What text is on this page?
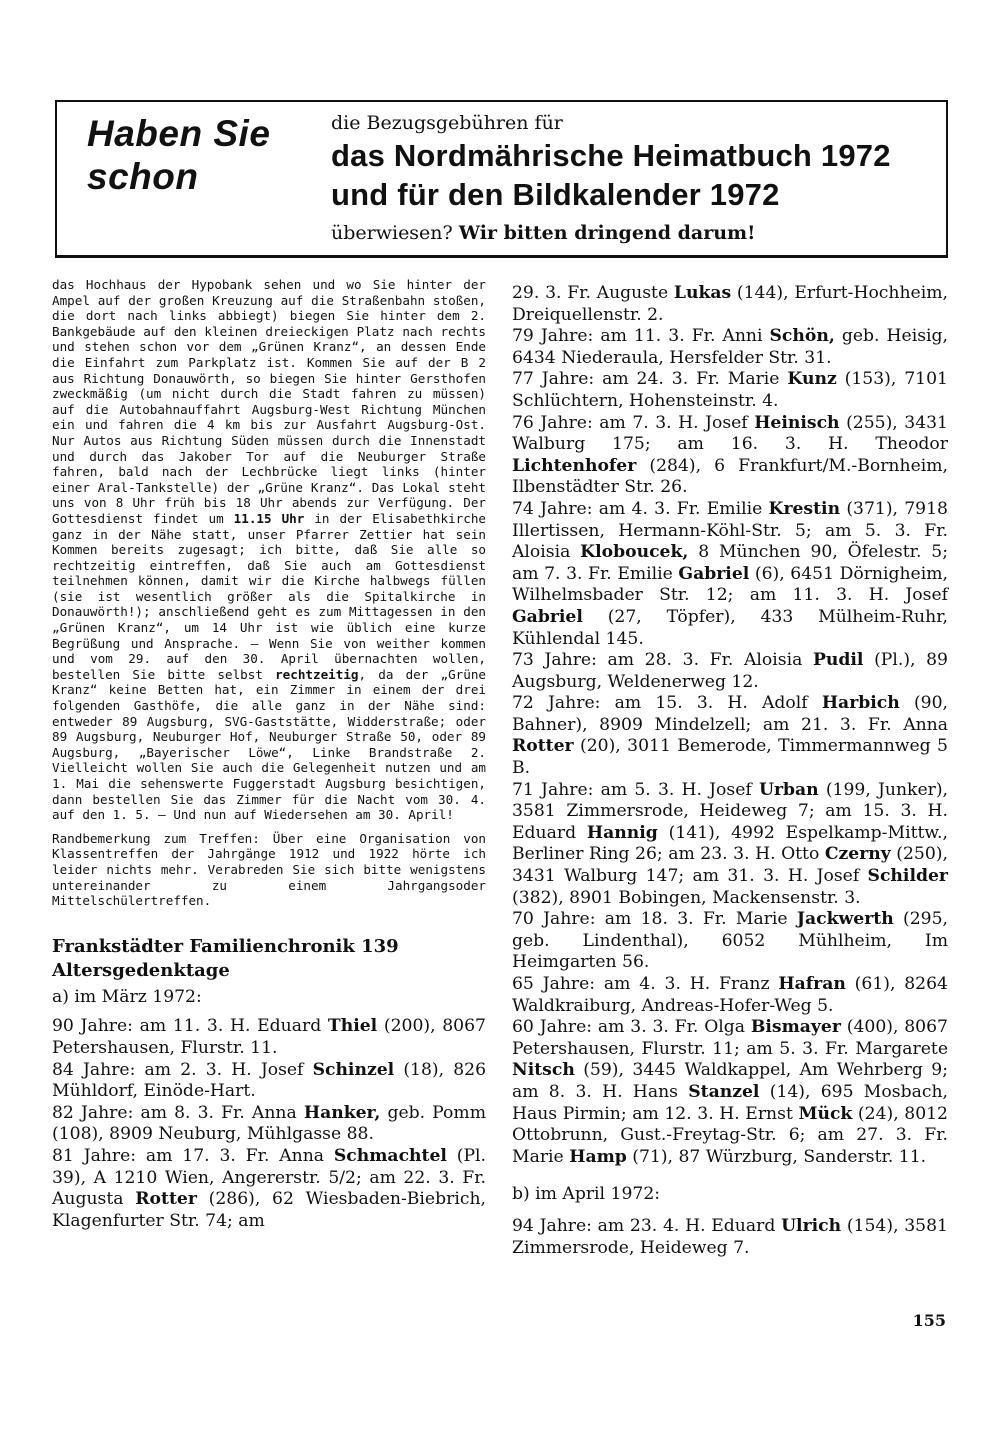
Haben Sie
schon
die Bezugsgebühren für
das Nordmährische Heimatbuch 1972
und für den Bildkalender 1972
überwiesen? Wir bitten dringend darum!

das Hochhaus der Hypobank sehen und wo Sie hinter der Ampel auf der großen Kreuzung auf die Straßenbahn stoßen, die dort nach links abbiegt) biegen Sie hinter dem 2. Bankgebäude auf den kleinen dreieckigen Platz nach rechts und stehen schon vor dem „Grünen Kranz“, an dessen Ende die Einfahrt zum Parkplatz ist. Kommen Sie auf der B 2 aus Richtung Donauwörth, so biegen Sie hinter Gersthofen zweckmäßig (um nicht durch die Stadt fahren zu müssen) auf die Autobahnauffahrt Augsburg-West Richtung München ein und fahren die 4 km bis zur Ausfahrt Augsburg-Ost. Nur Autos aus Richtung Süden müssen durch die Innenstadt und durch das Jakober Tor auf die Neuburger Straße fahren, bald nach der Lechbrücke liegt links (hinter einer Aral-Tankstelle) der „Grüne Kranz“. Das Lokal steht uns von 8 Uhr früh bis 18 Uhr abends zur Verfügung. Der Gottesdienst findet um 11.15 Uhr in der Elisabethkirche ganz in der Nähe statt, unser Pfarrer Zettier hat sein Kommen bereits zugesagt; ich bitte, daß Sie alle so rechtzeitig eintreffen, daß Sie auch am Gottesdienst teilnehmen können, damit wir die Kirche halbwegs füllen (sie ist wesentlich größer als die Spitalkirche in Donauwörth!); anschließend geht es zum Mittagessen in den „Grünen Kranz“, um 14 Uhr ist wie üblich eine kurze Begrüßung und Ansprache. – Wenn Sie von weither kommen und vom 29. auf den 30. April übernachten wollen, bestellen Sie bitte selbst rechtzeitig, da der „Grüne Kranz“ keine Betten hat, ein Zimmer in einem der drei folgenden Gasthöfe, die alle ganz in der Nähe sind: entweder 89 Augsburg, SVG-Gaststätte, Widderstraße; oder 89 Augsburg, Neuburger Hof, Neuburger Straße 50, oder 89 Augsburg, „Bayerischer Löwe“, Linke Brandstraße 2. Vielleicht wollen Sie auch die Gelegenheit nutzen und am 1. Mai die sehenswerte Fuggerstadt Augsburg besichtigen, dann bestellen Sie das Zimmer für die Nacht vom 30. 4. auf den 1. 5. – Und nun auf Wiedersehen am 30. April!

Randbemerkung zum Treffen: Über eine Organisation von Klassentreffen der Jahrgänge 1912 und 1922 hörte ich leider nichts mehr. Verabreden Sie sich bitte wenigstens untereinander zu einem Jahrgangsoder Mittelschülertreffen.

Frankstädter Familienchronik 139
Altersgedenktage

a) im März 1972:

90 Jahre: am 11. 3. H. Eduard Thiel (200), 8067 Petershausen, Flurstr. 11.

84 Jahre: am 2. 3. H. Josef Schinzel (18), 826 Mühldorf, Einöde-Hart.

82 Jahre: am 8. 3. Fr. Anna Hanker, geb. Pomm (108), 8909 Neuburg, Mühlgasse 88.

81 Jahre: am 17. 3. Fr. Anna Schmachtel (Pl. 39), A 1210 Wien, Angererstr. 5/2; am 22. 3. Fr. Augusta Rotter (286), 62 Wiesbaden-Biebrich, Klagenfurter Str. 74; am

29. 3. Fr. Auguste Lukas (144), Erfurt-Hochheim, Dreiquellenstr. 2.

79 Jahre: am 11. 3. Fr. Anni Schön, geb. Heisig, 6434 Niederaula, Hersfelder Str. 31.

77 Jahre: am 24. 3. Fr. Marie Kunz (153), 7101 Schlüchtern, Hohensteinstr. 4.

76 Jahre: am 7. 3. H. Josef Heinisch (255), 3431 Walburg 175; am 16. 3. H. Theodor Lichtenhofer (284), 6 Frankfurt/M.-Bornheim, Ilbenstädter Str. 26.

74 Jahre: am 4. 3. Fr. Emilie Krestin (371), 7918 Illertissen, Hermann-Köhl-Str. 5; am 5. 3. Fr. Aloisia Klobоucek, 8 München 90, Öfelestr. 5; am 7. 3. Fr. Emilie Gabriel (6), 6451 Dörnigheim, Wilhelmsbader Str. 12; am 11. 3. H. Josef Gabriel (27, Töpfer), 433 Mülheim-Ruhr, Kühlendal 145.

73 Jahre: am 28. 3. Fr. Aloisia Pudil (Pl.), 89 Augsburg, Weldenerweg 12.

72 Jahre: am 15. 3. H. Adolf Harbich (90, Bahner), 8909 Mindelzell; am 21. 3. Fr. Anna Rotter (20), 3011 Bemerode, Timmermannweg 5 B.

71 Jahre: am 5. 3. H. Josef Urban (199, Junker), 3581 Zimmersrode, Heideweg 7; am 15. 3. H. Eduard Hannig (141), 4992 Espelkamp-Mittw., Berliner Ring 26; am 23. 3. H. Otto Czerny (250), 3431 Walburg 147; am 31. 3. H. Josef Schilder (382), 8901 Bobingen, Mackensenstr. 3.

70 Jahre: am 18. 3. Fr. Marie Jackwerth (295, geb. Lindenthal), 6052 Mühlheim, Im Heimgarten 56.

65 Jahre: am 4. 3. H. Franz Hafran (61), 8264 Waldkraiburg, Andreas-Hofer-Weg 5.

60 Jahre: am 3. 3. Fr. Olga Bismayer (400), 8067 Petershausen, Flurstr. 11; am 5. 3. Fr. Margarete Nitsch (59), 3445 Waldkappel, Am Wehrberg 9; am 8. 3. H. Hans Stanzel (14), 695 Mosbach, Haus Pirmin; am 12. 3. H. Ernst Mück (24), 8012 Ottobrunn, Gust.-Freytag-Str. 6; am 27. 3. Fr. Marie Hamp (71), 87 Würzburg, Sanderstr. 11.

b) im April 1972:

94 Jahre: am 23. 4. H. Eduard Ulrich (154), 3581 Zimmersrode, Heideweg 7.

155
